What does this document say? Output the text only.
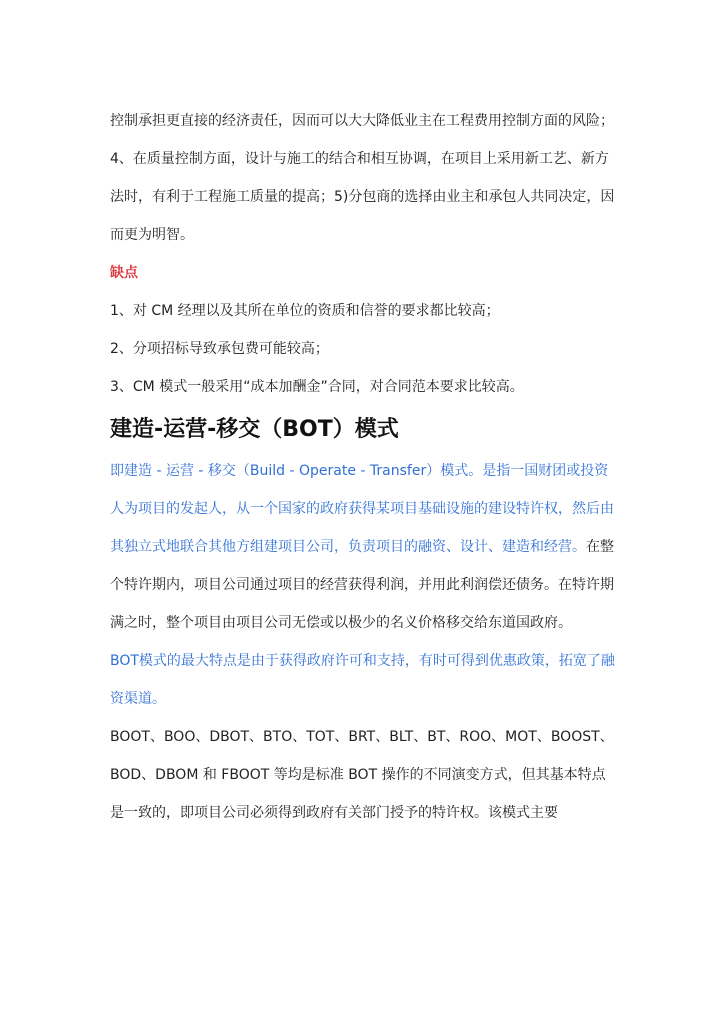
控制承担更直接的经济责任，因而可以大大降低业主在工程费用控制方面的风险；

4、在质量控制方面，设计与施工的结合和相互协调，在项目上采用新工艺、新方法时，有利于工程施工质量的提高；5)分包商的选择由业主和承包人共同决定，因而更为明智。

缺点

1、对 CM 经理以及其所在单位的资质和信誉的要求都比较高；

2、分项招标导致承包费可能较高；

3、CM 模式一般采用“成本加酬金”合同，对合同范本要求比较高。

建造-运营-移交（BOT）模式

即建造 - 运营 - 移交（Build - Operate - Transfer）模式。是指一国财团或投资人为项目的发起人，从一个国家的政府获得某项目基础设施的建设特许权，然后由其独立式地联合其他方组建项目公司，负责项目的融资、设计、建造和经营。在整个特许期内，项目公司通过项目的经营获得利润，并用此利润偿还债务。在特许期满之时，整个项目由项目公司无偿或以极少的名义价格移交给东道国政府。

BOT模式的最大特点是由于获得政府许可和支持，有时可得到优惠政策，拓宽了融资渠道。

BOOT、BOO、DBOT、BTO、TOT、BRT、BLT、BT、ROO、MOT、BOOST、BOD、DBOM 和 FBOOT 等均是标准 BOT 操作的不同演变方式，但其基本特点是一致的，即项目公司必须得到政府有关部门授予的特许权。该模式主要
